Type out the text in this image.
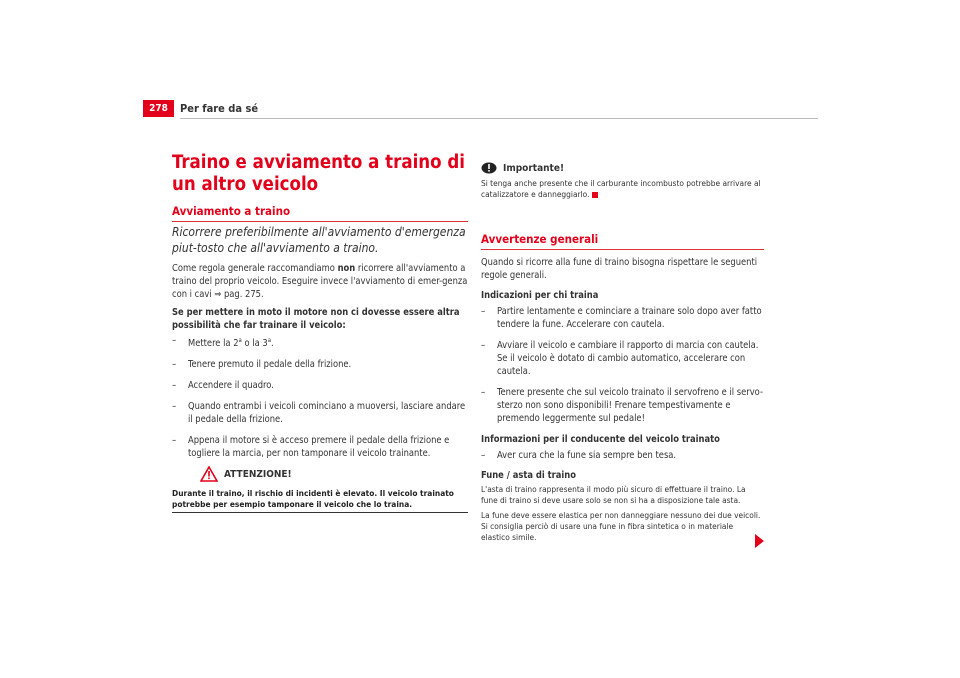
278	Per fare da sé
Traino e avviamento a traino di un altro veicolo
Avviamento a traino
Ricorrere preferibilmente all'avviamento d'emergenza piut-tosto che all'avviamento a traino.
Come regola generale raccomandiamo non ricorrere all'avviamento a traino del proprio veicolo. Eseguire invece l'avviamento di emer-genza con i cavi ⇒ pag. 275.
Se per mettere in moto il motore non ci dovesse essere altra possibilità che far trainare il veicolo:
– Mettere la 2$^a$ o la 3$^a$.
– Tenere premuto il pedale della frizione.
– Accendere il quadro.
– Quando entrambi i veicoli cominciano a muoversi, lasciare andare il pedale della frizione.
– Appena il motore si è acceso premere il pedale della frizione e togliere la marcia, per non tamponare il veicolo trainante.
ATTENZIONE!
Durante il traino, il rischio di incidenti è elevato. Il veicolo trainato potrebbe per esempio tamponare il veicolo che lo traina.
Importante!
Si tenga anche presente che il carburante incombusto potrebbe arrivare al catalizzatore e danneggiarlo.
Avvertenze generali
Quando si ricorre alla fune di traino bisogna rispettare le seguenti regole generali.
Indicazioni per chi traina
– Partire lentamente e cominciare a trainare solo dopo aver fatto tendere la fune. Accelerare con cautela.
– Avviare il veicolo e cambiare il rapporto di marcia con cautela. Se il veicolo è dotato di cambio automatico, accelerare con cautela.
– Tenere presente che sul veicolo trainato il servofreno e il servo-sterzo non sono disponibili! Frenare tempestivamente e premendo leggermente sul pedale!
Informazioni per il conducente del veicolo trainato
– Aver cura che la fune sia sempre ben tesa.
Fune / asta di traino
L'asta di traino rappresenta il modo più sicuro di effettuare il traino. La fune di traino si deve usare solo se non si ha a disposizione tale asta.
La fune deve essere elastica per non danneggiare nessuno dei due veicoli. Si consiglia perciò di usare una fune in fibra sintetica o in materiale elastico simile.
